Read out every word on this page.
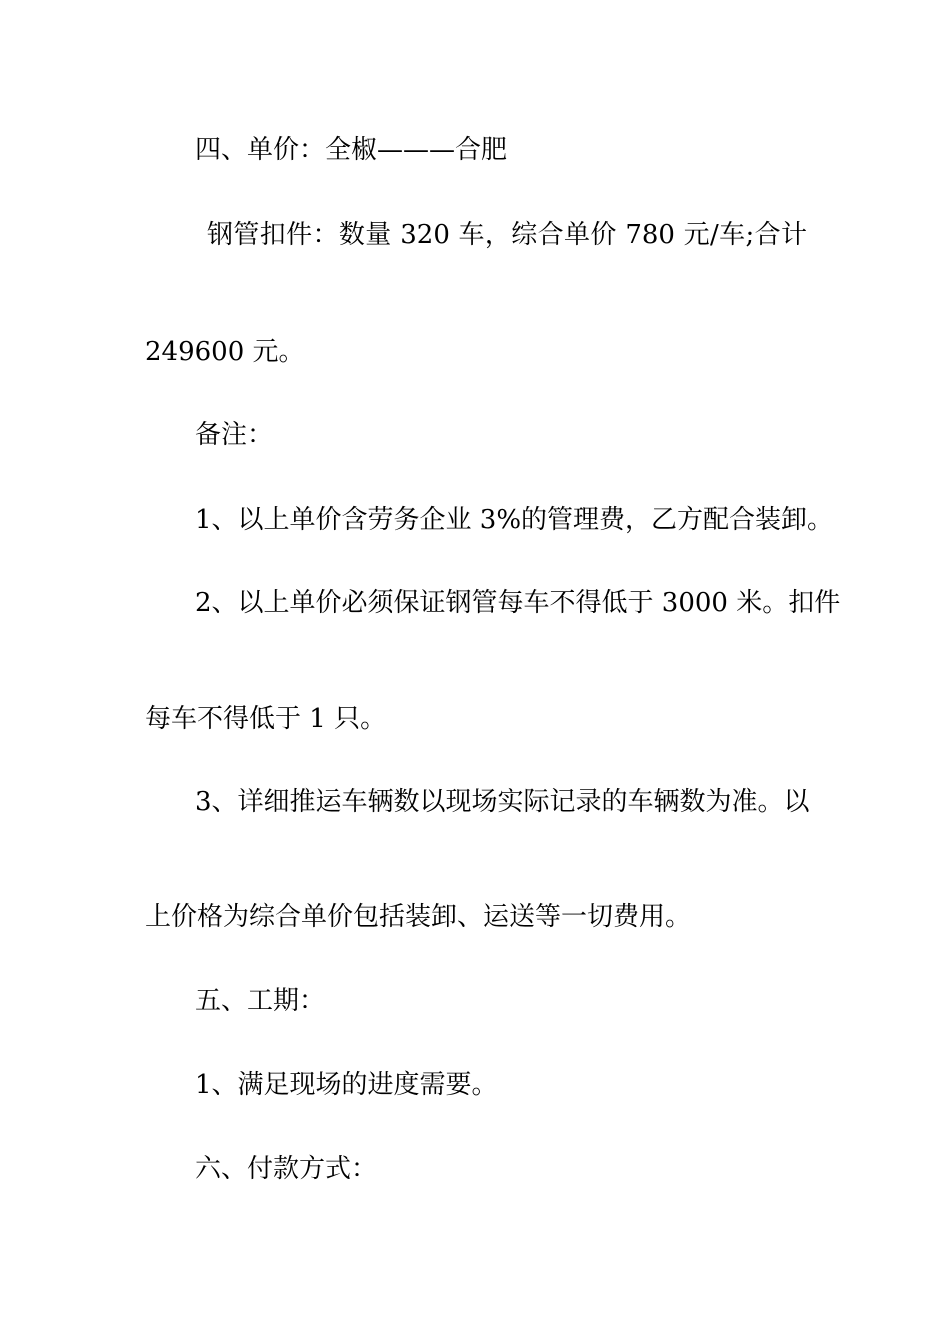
四、单价：全椒———合肥

钢管扣件：数量 320 车，综合单价 780 元/车;合计

249600 元。

备注：

1、以上单价含劳务企业 3%的管理费，乙方配合装卸。

2、以上单价必须保证钢管每车不得低于 3000 米。扣件

每车不得低于 1 只。

3、详细推运车辆数以现场实际记录的车辆数为准。以

上价格为综合单价包括装卸、运送等一切费用。

五、工期：

1、满足现场的进度需要。

六、付款方式：
